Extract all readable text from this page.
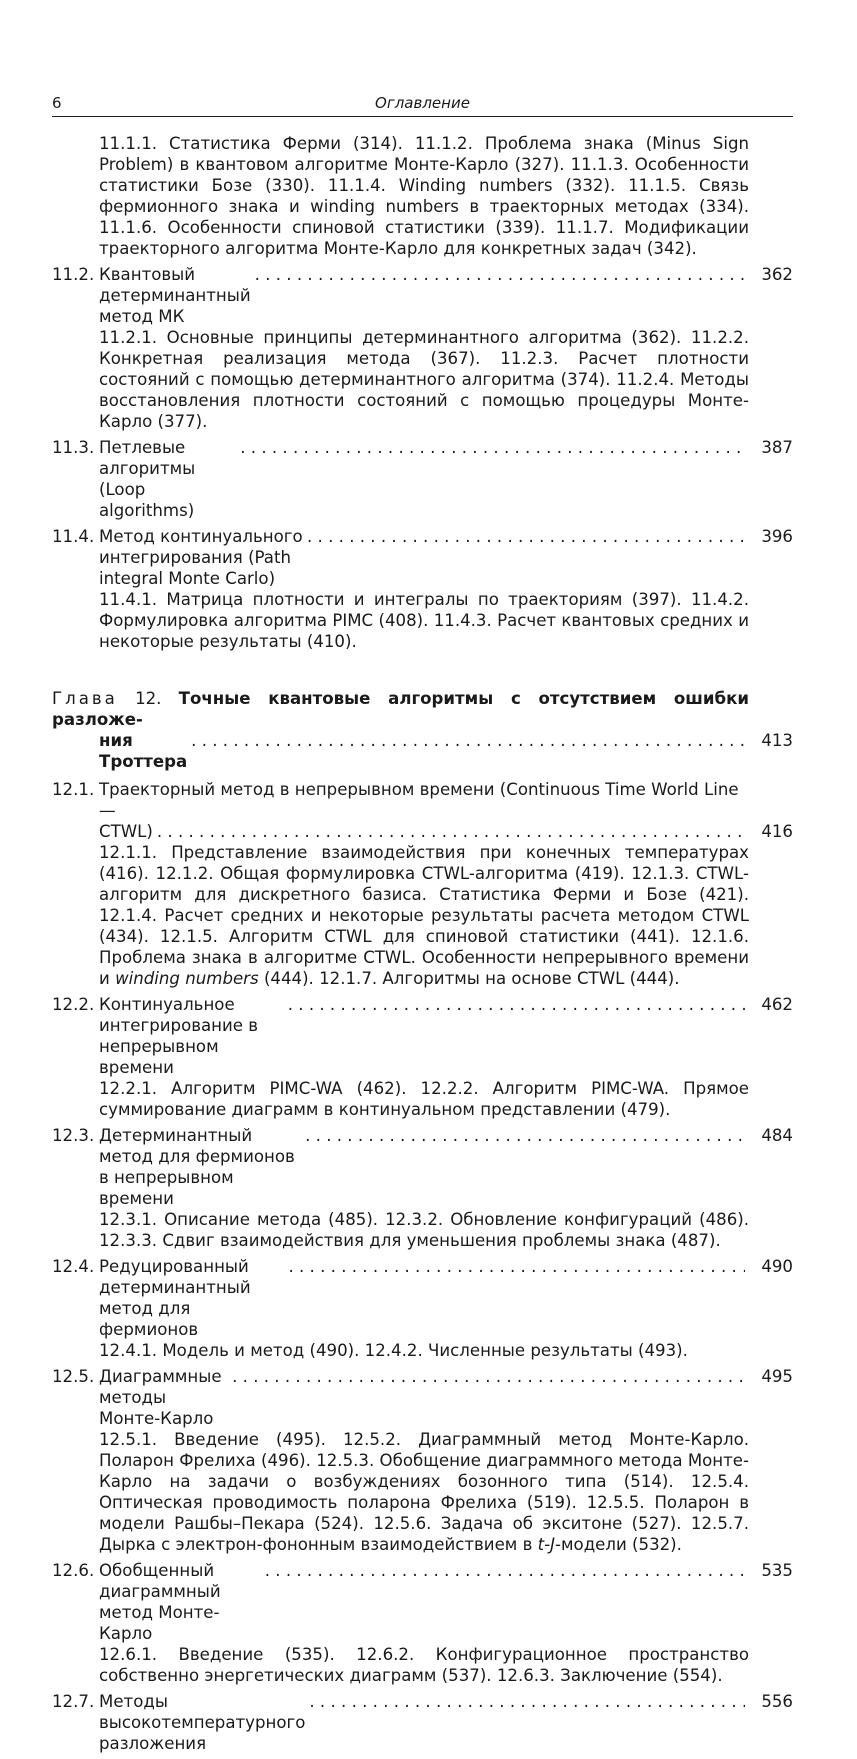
6	Оглавление
11.1.1. Статистика Ферми (314). 11.1.2. Проблема знака (Minus Sign Problem) в квантовом алгоритме Монте-Карло (327). 11.1.3. Особенности статистики Бозе (330). 11.1.4. Winding numbers (332). 11.1.5. Связь фермионного знака и winding numbers в траекторных методах (334). 11.1.6. Особенности спиновой статистики (339). 11.1.7. Модификации траекторного алгоритма Монте-Карло для конкретных задач (342).
11.2. Квантовый детерминантный метод МК
. . .
362
11.2.1. Основные принципы детерминантного алгоритма (362). 11.2.2. Конкретная реализация метода (367). 11.2.3. Расчет плотности состояний с помощью детерминантного алгоритма (374). 11.2.4. Методы восстановления плотности состояний с помощью процедуры Монте-Карло (377).
11.3. Петлевые алгоритмы (Loop algorithms)
. . .
387
11.4. Метод континуального интегрирования (Path integral Monte Carlo)
. . .
396
11.4.1. Матрица плотности и интегралы по траекториям (397). 11.4.2. Формулировка алгоритма PIMC (408). 11.4.3. Расчет квантовых средних и некоторые результаты (410).
Глава 12. Точные квантовые алгоритмы с отсутствием ошибки разложе-
ния Троттера
. . .
413
12.1. Траекторный метод в непрерывном времени (Continuous Time World Line —
CTWL)
. . .	416
12.1.1. Представление взаимодействия при конечных температурах (416). 12.1.2. Общая формулировка CTWL-алгоритма (419). 12.1.3. CTWL-алгоритм для дискретного базиса. Статистика Ферми и Бозе (421). 12.1.4. Расчет средних и некоторые результаты расчета методом CTWL (434). 12.1.5. Алгоритм CTWL для спиновой статистики (441). 12.1.6. Проблема знака в алгоритме CTWL. Особенности непрерывного времени и winding numbers (444). 12.1.7. Алгоритмы на основе CTWL (444).
12.2. Континуальное интегрирование в непрерывном времени
. . .
462
12.2.1. Алгоритм PIMC-WA (462). 12.2.2. Алгоритм PIMC-WA. Прямое суммирование диаграмм в континуальном представлении (479).
12.3. Детерминантный метод для фермионов в непрерывном времени
. . .
484
12.3.1. Описание метода (485). 12.3.2. Обновление конфигураций (486). 12.3.3. Сдвиг взаимодействия для уменьшения проблемы знака (487).
12.4. Редуцированный детерминантный метод для фермионов
. . .
490
12.4.1. Модель и метод (490). 12.4.2. Численные результаты (493).
12.5. Диаграммные методы Монте-Карло
. . .
495
12.5.1. Введение (495). 12.5.2. Диаграммный метод Монте-Карло. Поларон Фрелиха (496). 12.5.3. Обобщение диаграммного метода Монте-Карло на задачи о возбуждениях бозонного типа (514). 12.5.4. Оптическая проводимость поларона Фрелиха (519). 12.5.5. Поларон в модели Рашбы–Пекара (524). 12.5.6. Задача об экситоне (527). 12.5.7. Дырка с электрон-фононным взаимодействием в t-J-модели (532).
12.6. Обобщенный диаграммный метод Монте-Карло
. . .
535
12.6.1. Введение (535). 12.6.2. Конфигурационное пространство собственно энергетических диаграмм (537). 12.6.3. Заключение (554).
12.7. Методы высокотемпературного разложения
. . .
556
